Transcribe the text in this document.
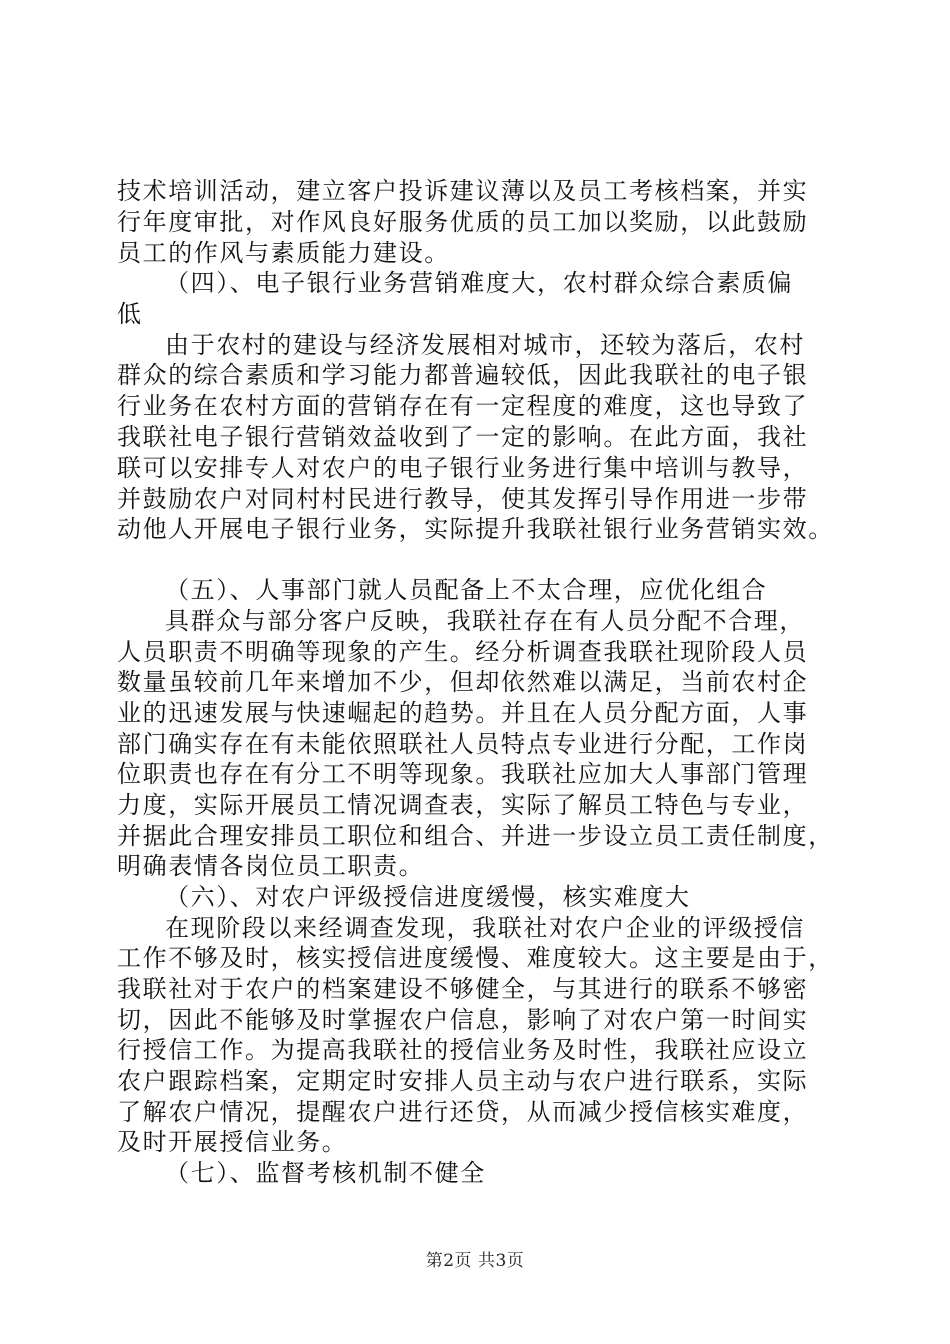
技术培训活动，建立客户投诉建议薄以及员工考核档案，并实
行年度审批，对作风良好服务优质的员工加以奖励，以此鼓励
员工的作风与素质能力建设。
（四）、电子银行业务营销难度大，农村群众综合素质偏
低
由于农村的建设与经济发展相对城市，还较为落后，农村
群众的综合素质和学习能力都普遍较低，因此我联社的电子银
行业务在农村方面的营销存在有一定程度的难度，这也导致了
我联社电子银行营销效益收到了一定的影响。在此方面，我社
联可以安排专人对农户的电子银行业务进行集中培训与教导，
并鼓励农户对同村村民进行教导，使其发挥引导作用进一步带
动他人开展电子银行业务，实际提升我联社银行业务营销实效。
（五）、人事部门就人员配备上不太合理，应优化组合
具群众与部分客户反映，我联社存在有人员分配不合理，
人员职责不明确等现象的产生。经分析调查我联社现阶段人员
数量虽较前几年来增加不少，但却依然难以满足，当前农村企
业的迅速发展与快速崛起的趋势。并且在人员分配方面，人事
部门确实存在有未能依照联社人员特点专业进行分配，工作岗
位职责也存在有分工不明等现象。我联社应加大人事部门管理
力度，实际开展员工情况调查表，实际了解员工特色与专业，
并据此合理安排员工职位和组合、并进一步设立员工责任制度，
明确表情各岗位员工职责。
（六）、对农户评级授信进度缓慢，核实难度大
在现阶段以来经调查发现，我联社对农户企业的评级授信
工作不够及时，核实授信进度缓慢、难度较大。这主要是由于，
我联社对于农户的档案建设不够健全，与其进行的联系不够密
切，因此不能够及时掌握农户信息，影响了对农户第一时间实
行授信工作。为提高我联社的授信业务及时性，我联社应设立
农户跟踪档案，定期定时安排人员主动与农户进行联系，实际
了解农户情况，提醒农户进行还贷，从而减少授信核实难度，
及时开展授信业务。
（七）、监督考核机制不健全
第2页 共3页
